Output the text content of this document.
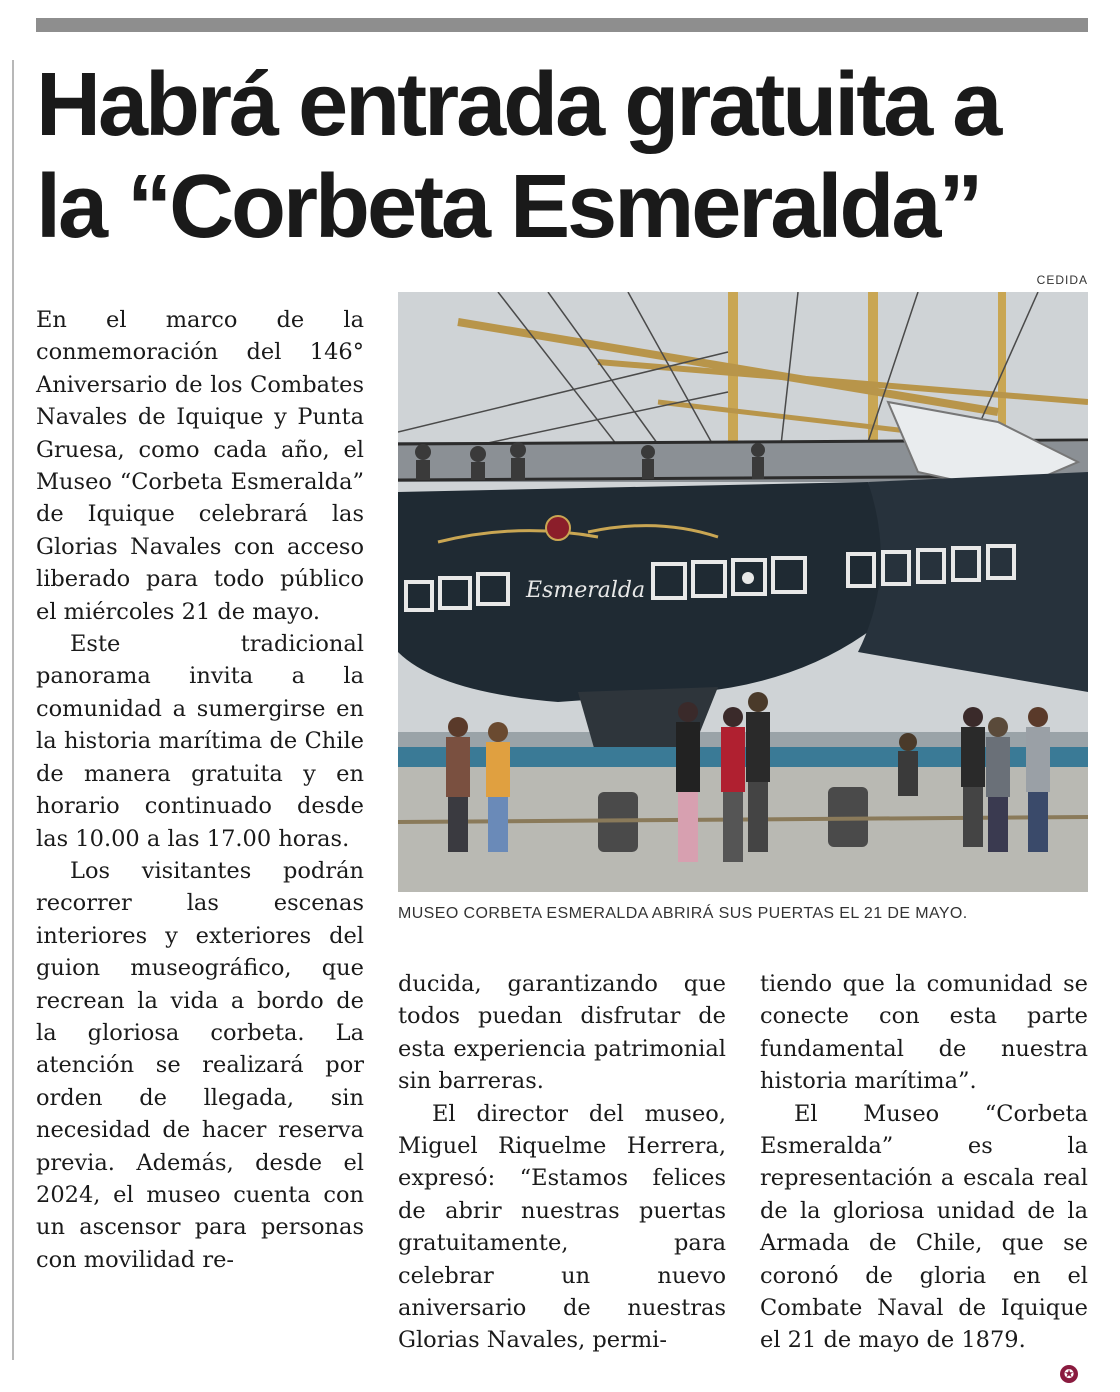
Habrá entrada gratuita a
la “Corbeta Esmeralda”
CEDIDA
Esmeralda
MUSEO CORBETA ESMERALDA ABRIRÁ SUS PUERTAS EL 21 DE MAYO.

En el marco de la conmemoración del 146° Aniversario de los Combates Navales de Iquique y Punta Gruesa, como cada año, el Museo “Corbeta Esmeralda” de Iquique celebrará las Glorias Navales con acceso liberado para todo público el miércoles 21 de mayo.

Este tradicional panorama invita a la comunidad a sumergirse en la historia marítima de Chile de manera gratuita y en horario continuado desde las 10.00 a las 17.00 horas.

Los visitantes podrán recorrer las escenas interiores y exteriores del guion museográfico, que recrean la vida a bordo de la gloriosa corbeta. La atención se realizará por orden de llegada, sin necesidad de hacer reserva previa. Además, desde el 2024, el museo cuenta con un ascensor para personas con movilidad re-

ducida, garantizando que todos puedan disfrutar de esta experiencia patrimonial sin barreras.

El director del museo, Miguel Riquelme Herrera, expresó: “Estamos felices de abrir nuestras puertas gratuitamente, para celebrar un nuevo aniversario de nuestras Glorias Navales, permi-

tiendo que la comunidad se conecte con esta parte fundamental de nuestra historia marítima”.

El Museo “Corbeta Esmeralda” es la representación a escala real de la gloriosa unidad de la Armada de Chile, que se coronó de gloria en el Combate Naval de Iquique el 21 de mayo de 1879.

✪
